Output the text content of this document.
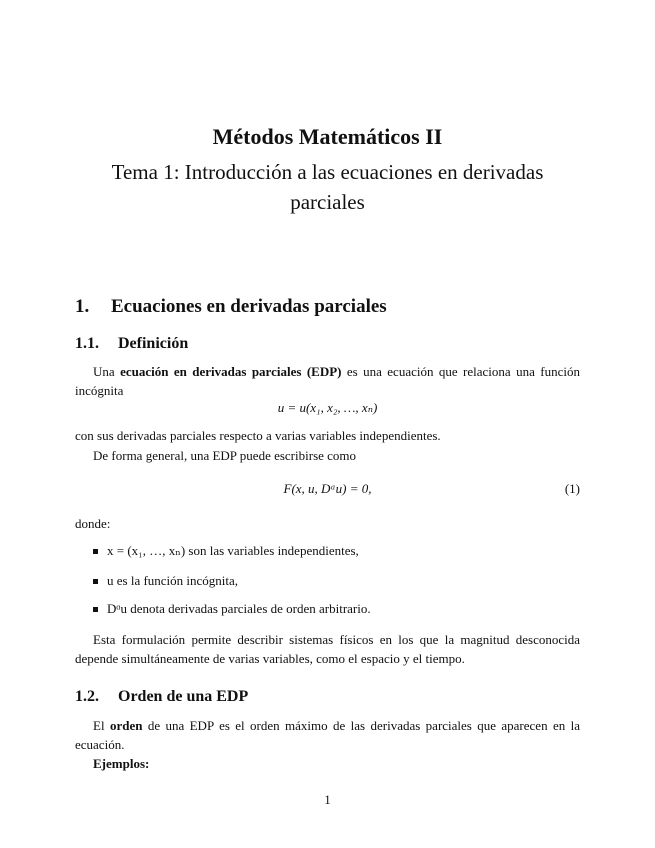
Métodos Matemáticos II
Tema 1: Introducción a las ecuaciones en derivadas parciales
1. Ecuaciones en derivadas parciales
1.1. Definición
Una ecuación en derivadas parciales (EDP) es una ecuación que relaciona una función incógnita
u = u(x₁, x₂, …, xₙ)
con sus derivadas parciales respecto a varias variables independientes.
De forma general, una EDP puede escribirse como
F(x, u, Dᵅu) = 0,	(1)
donde:
x = (x₁, …, xₙ) son las variables independientes,
u es la función incógnita,
Dᵅu denota derivadas parciales de orden arbitrario.
Esta formulación permite describir sistemas físicos en los que la magnitud desconocida depende simultáneamente de varias variables, como el espacio y el tiempo.
1.2. Orden de una EDP
El orden de una EDP es el orden máximo de las derivadas parciales que aparecen en la ecuación.
Ejemplos:
1
